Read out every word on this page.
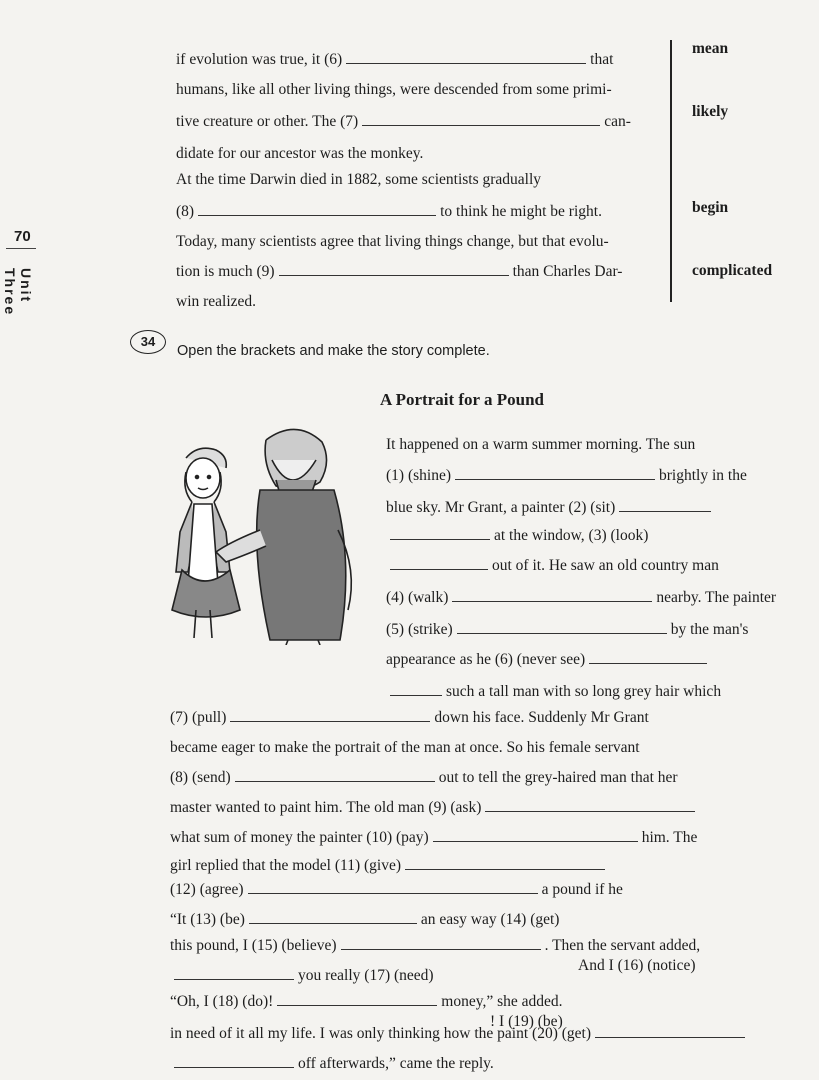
70
Unit Three
if evolution was true, it (6)	that
humans, like all other living things, were descended from some primi-
tive creature or other. The (7)	can-
didate for our ancestor was the monkey.
At the time Darwin died in 1882, some scientists gradually
(8)	to think he might be right.
Today, many scientists agree that living things change, but that evolu-
tion is much (9)	than Charles Dar-
win realized.
mean
likely
begin
complicated
34
Open the brackets and make the story complete.
A Portrait for a Pound
It happened on a warm summer morning. The sun
(1) (shine)	brightly in the
blue sky. Mr Grant, a painter (2) (sit)
at the window, (3) (look)
out of it. He saw an old country man
(4) (walk)	nearby. The painter
(5) (strike)	by the man's
appearance as he (6) (never see)
such a tall man with so long grey hair which
(7) (pull)	down his face. Suddenly Mr Grant
became eager to make the portrait of the man at once. So his female servant
(8) (send)	out to tell the grey-haired man that her
master wanted to paint him. The old man (9) (ask)
what sum of money the painter (10) (pay)	him. The
girl replied that the model (11) (give)
(12) (agree)	a pound if he
“It (13) (be)	an easy way (14) (get)
this pound, I (15) (believe)	. Then the servant added,
you really (17) (need)
“Oh, I (18) (do)!	money,” she added.
in need of it all my life. I was only thinking how the paint (20) (get)
off afterwards,” came the reply.
And I (16) (notice)
! I (19) (be)
